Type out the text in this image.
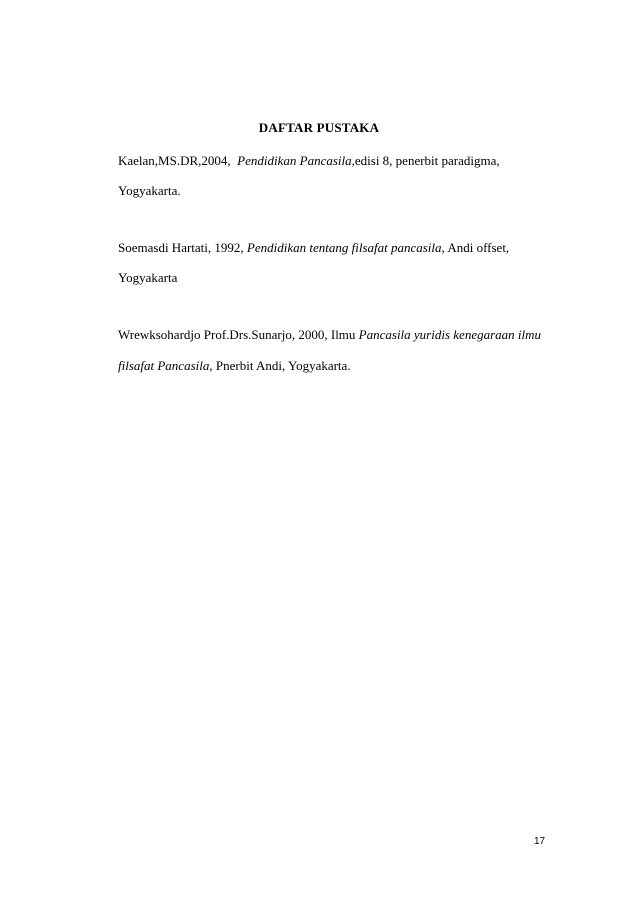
DAFTAR PUSTAKA
Kaelan,MS.DR,2004, Pendidikan Pancasila,edisi 8, penerbit paradigma,
Yogyakarta.
Soemasdi Hartati, 1992, Pendidikan tentang filsafat pancasila, Andi offset,
Yogyakarta
Wrewksohardjo Prof.Drs.Sunarjo, 2000, Ilmu Pancasila yuridis kenegaraan ilmu
filsafat Pancasila, Pnerbit Andi, Yogyakarta.
17
